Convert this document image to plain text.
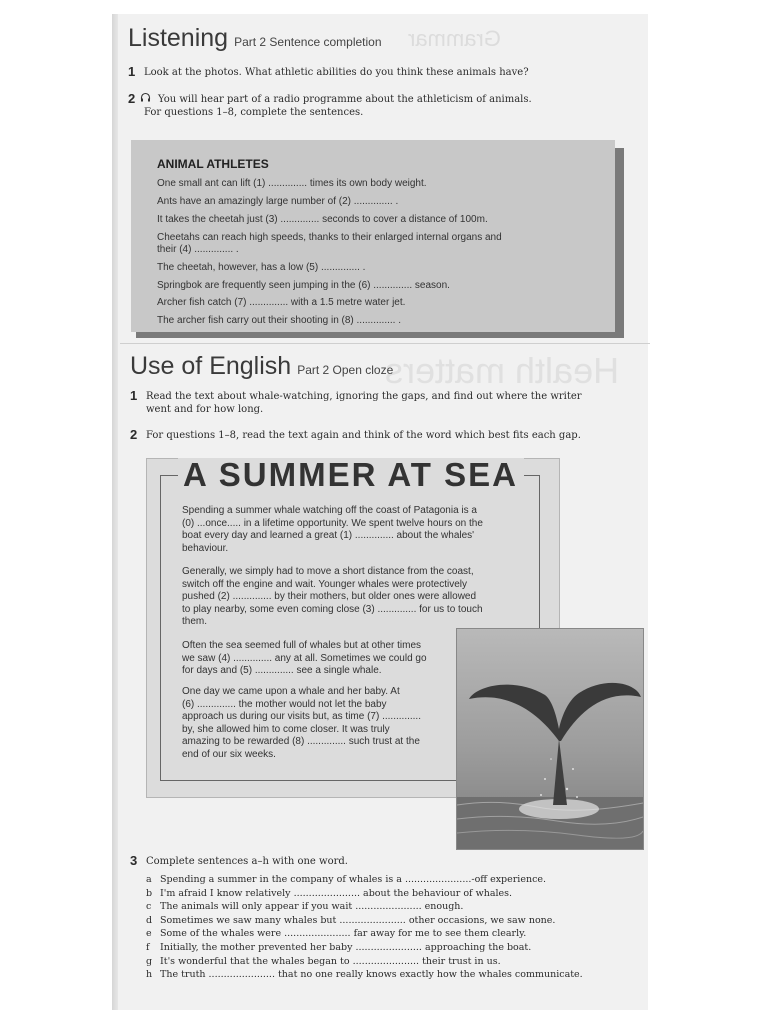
Grammar
Health matters
Listening Part 2 Sentence completion
1 Look at the photos. What athletic abilities do you think these animals have?
2	You will hear part of a radio programme about the athleticism of animals.
For questions 1–8, complete the sentences.
ANIMAL ATHLETES
One small ant can lift (1) .............. times its own body weight.
Ants have an amazingly large number of (2) .............. .
It takes the cheetah just (3) .............. seconds to cover a distance of 100m.
Cheetahs can reach high speeds, thanks to their enlarged internal organs and
their (4) .............. .
The cheetah, however, has a low (5) .............. .
Springbok are frequently seen jumping in the (6) .............. season.
Archer fish catch (7) .............. with a 1.5 metre water jet.
The archer fish carry out their shooting in (8) .............. .
Use of English Part 2 Open cloze
1 Read the text about whale-watching, ignoring the gaps, and find out where the writer
went and for how long.
2 For questions 1–8, read the text again and think of the word which best fits each gap.
A SUMMER AT SEA
Spending a summer whale watching off the coast of Patagonia is a
(0) ...once..... in a lifetime opportunity. We spent twelve hours on the
boat every day and learned a great (1) .............. about the whales'
behaviour.
Generally, we simply had to move a short distance from the coast,
switch off the engine and wait. Younger whales were protectively
pushed (2) .............. by their mothers, but older ones were allowed
to play nearby, some even coming close (3) .............. for us to touch
them.
Often the sea seemed full of whales but at other times
we saw (4) .............. any at all. Sometimes we could go
for days and (5) .............. see a single whale.
One day we came upon a whale and her baby. At
(6) .............. the mother would not let the baby
approach us during our visits but, as time (7) ..............
by, she allowed him to come closer. It was truly
amazing to be rewarded (8) .............. such trust at the
end of our six weeks.
3 Complete sentences a–h with one word.
a Spending a summer in the company of whales is a ......................-off experience.
b I'm afraid I know relatively ...................... about the behaviour of whales.
c The animals will only appear if you wait ...................... enough.
d Sometimes we saw many whales but ...................... other occasions, we saw none.
e Some of the whales were ...................... far away for me to see them clearly.
f Initially, the mother prevented her baby ...................... approaching the boat.
g It's wonderful that the whales began to ...................... their trust in us.
h The truth ...................... that no one really knows exactly how the whales communicate.
